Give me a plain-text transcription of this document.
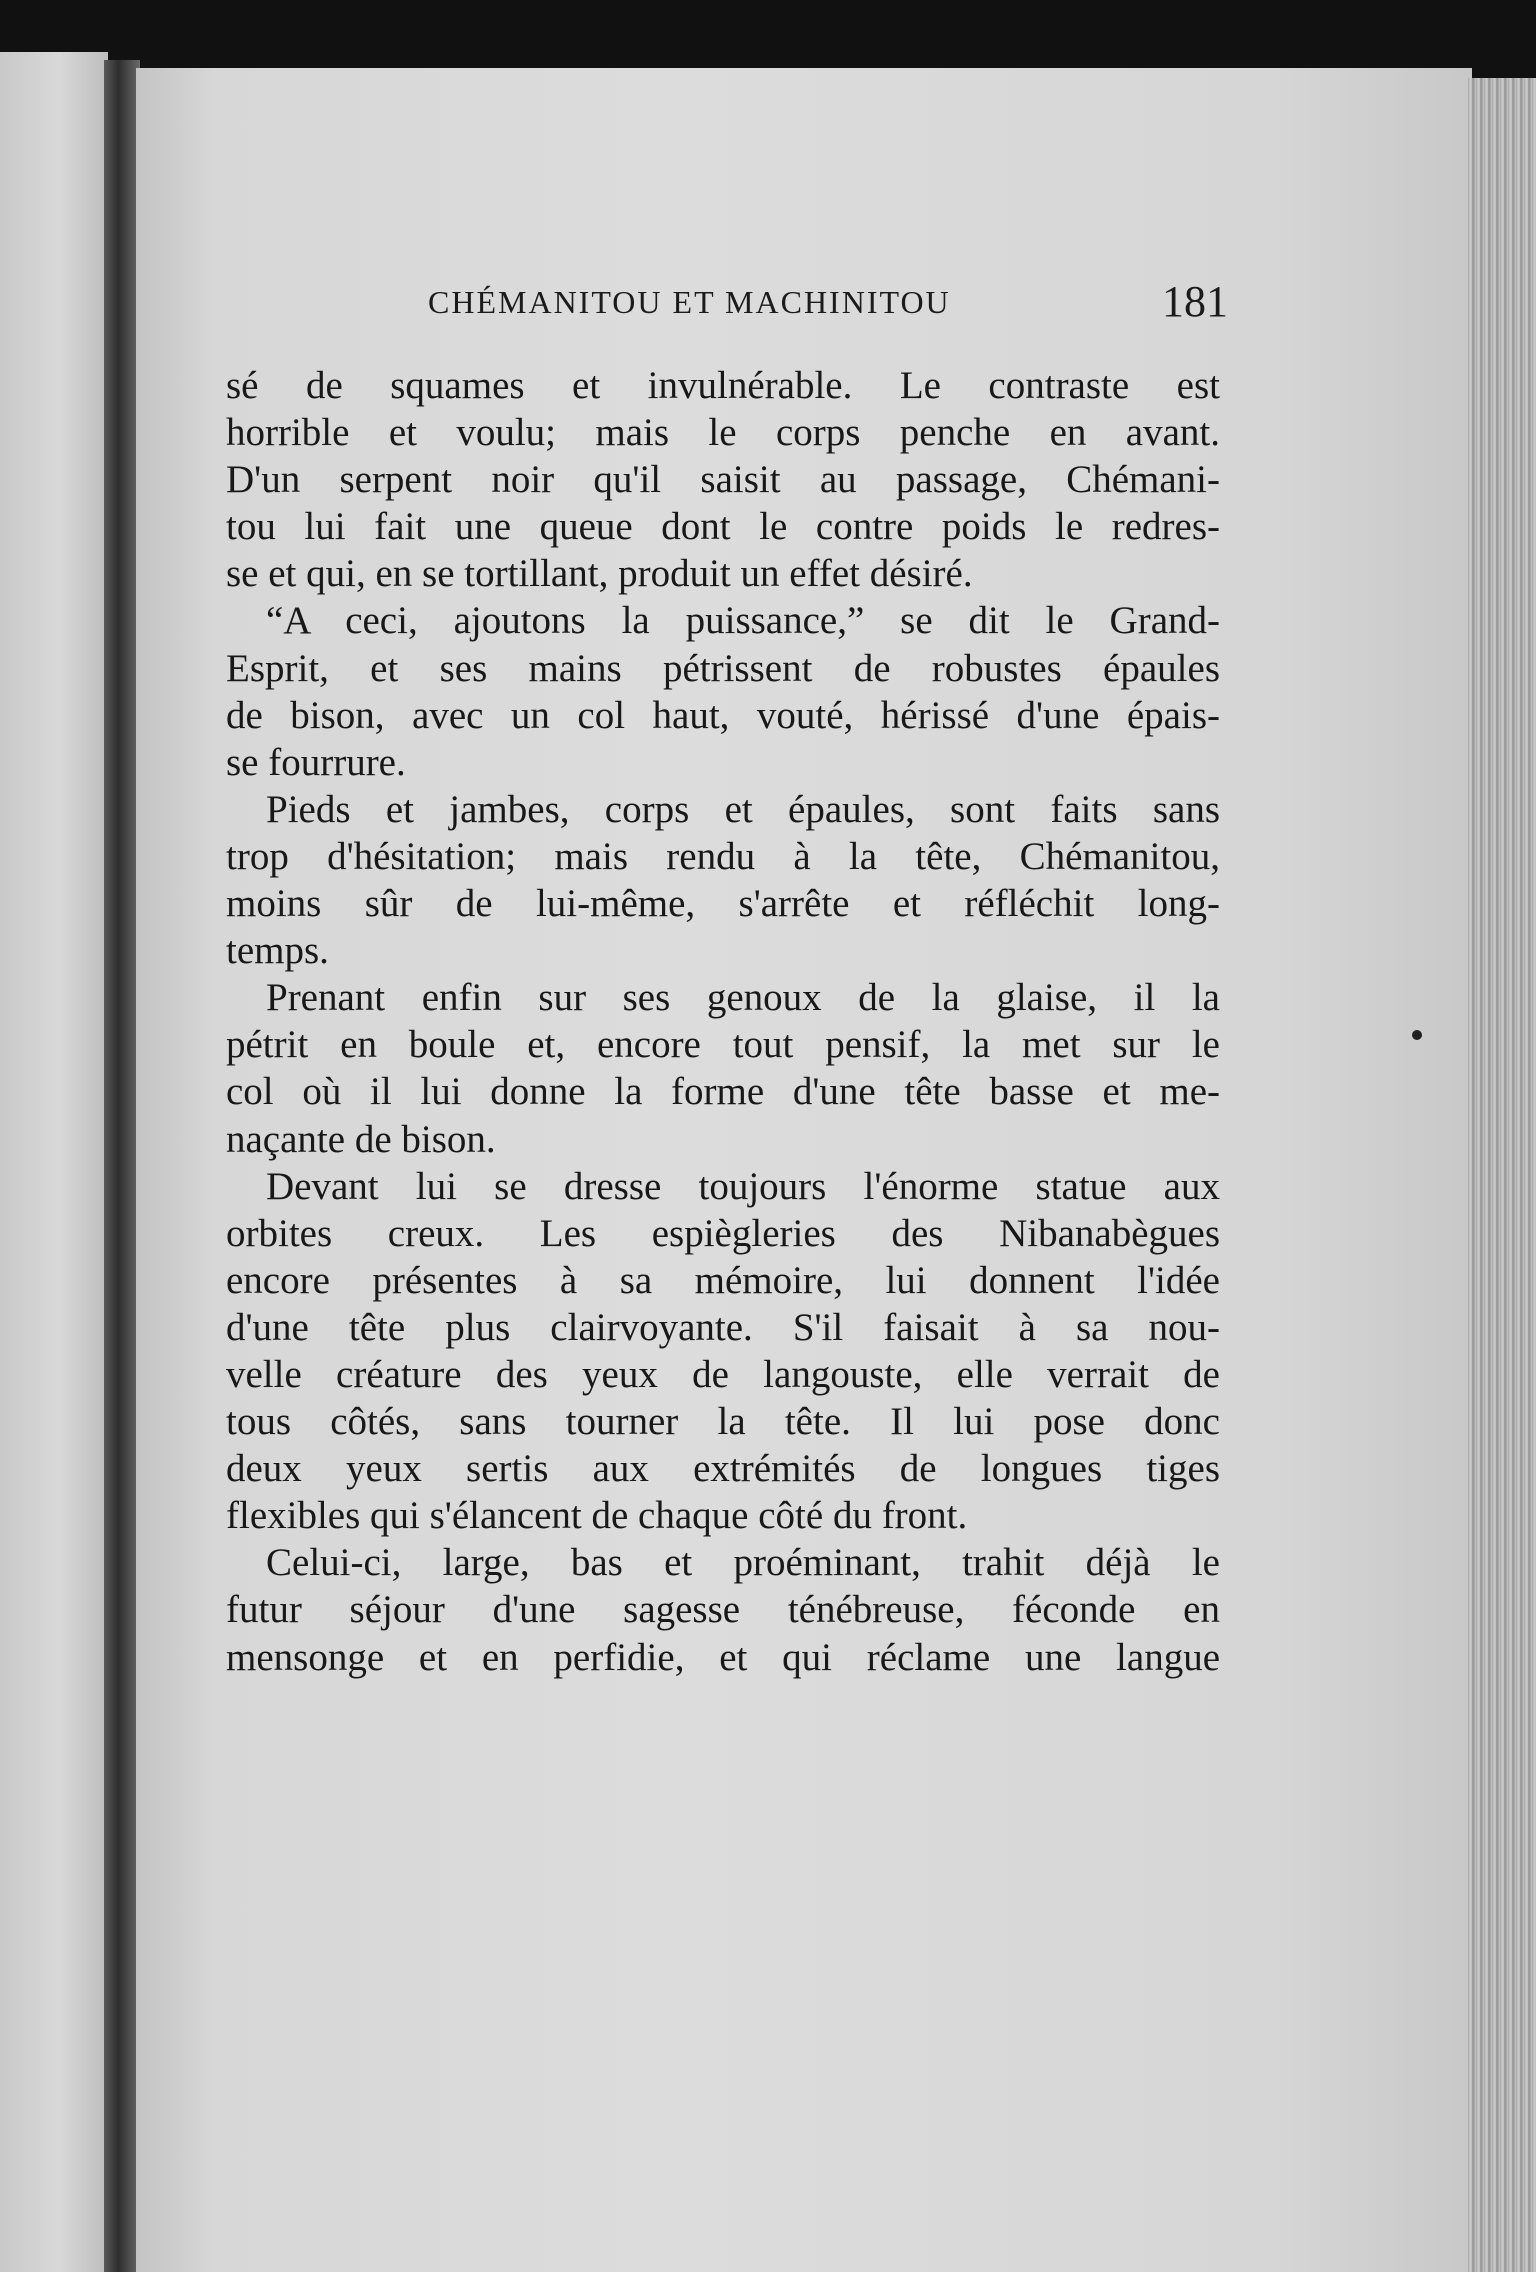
CHÉMANITOU ET MACHINITOU	181
sé de squames et invulnérable. Le contraste est
horrible et voulu; mais le corps penche en avant.
D'un serpent noir qu'il saisit au passage, Chémani-
tou lui fait une queue dont le contre poids le redres-
se et qui, en se tortillant, produit un effet désiré.
“A ceci, ajoutons la puissance,” se dit le Grand-
Esprit, et ses mains pétrissent de robustes épaules
de bison, avec un col haut, vouté, hérissé d'une épais-
se fourrure.
Pieds et jambes, corps et épaules, sont faits sans
trop d'hésitation; mais rendu à la tête, Chémanitou,
moins sûr de lui-même, s'arrête et réfléchit long-
temps.
Prenant enfin sur ses genoux de la glaise, il la
pétrit en boule et, encore tout pensif, la met sur le
col où il lui donne la forme d'une tête basse et me-
naçante de bison.
Devant lui se dresse toujours l'énorme statue aux
orbites creux. Les espiègleries des Nibanabègues
encore présentes à sa mémoire, lui donnent l'idée
d'une tête plus clairvoyante. S'il faisait à sa nou-
velle créature des yeux de langouste, elle verrait de
tous côtés, sans tourner la tête. Il lui pose donc
deux yeux sertis aux extrémités de longues tiges
flexibles qui s'élancent de chaque côté du front.
Celui-ci, large, bas et proéminant, trahit déjà le
futur séjour d'une sagesse ténébreuse, féconde en
mensonge et en perfidie, et qui réclame une langue
